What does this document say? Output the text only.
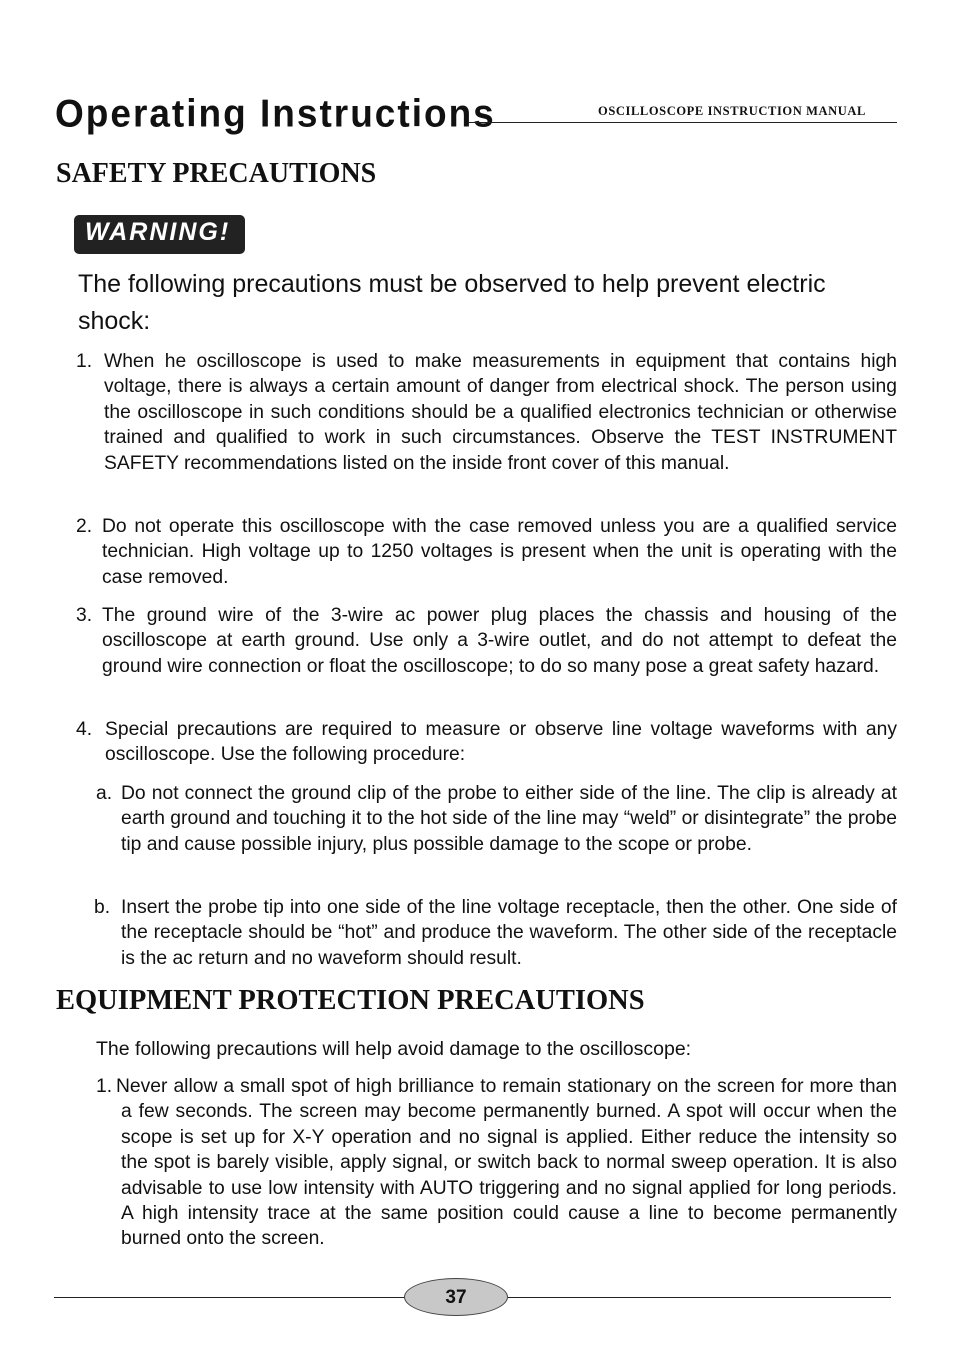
Operating Instructions	OSCILLOSCOPE INSTRUCTION MANUAL
SAFETY PRECAUTIONS
WARNING!

The following precautions must be observed to help prevent electric shock:

1. When he oscilloscope is used to make measurements in equipment that contains high voltage, there is always a certain amount of danger from electrical shock. The person using the oscilloscope in such conditions should be a qualified electronics technician or otherwise trained and qualified to work in such circumstances. Observe the TEST INSTRUMENT SAFETY recommendations listed on the inside front cover of this manual.
2. Do not operate this oscilloscope with the case removed unless you are a qualified service technician. High voltage up to 1250 voltages is present when the unit is operating with the case removed.
3. The ground wire of the 3-wire ac power plug places the chassis and housing of the oscilloscope at earth ground. Use only a 3-wire outlet, and do not attempt to defeat the ground wire connection or float the oscilloscope; to do so many pose a great safety hazard.
4. Special precautions are required to measure or observe line voltage waveforms with any oscilloscope. Use the following procedure:
a. Do not connect the ground clip of the probe to either side of the line. The clip is already at earth ground and touching it to the hot side of the line may “weld” or disintegrate” the probe tip and cause possible injury, plus possible damage to the scope or probe.
b. Insert the probe tip into one side of the line voltage receptacle, then the other. One side of the receptacle should be “hot” and produce the waveform. The other side of the receptacle is the ac return and no waveform should result.
EQUIPMENT PROTECTION PRECAUTIONS

The following precautions will help avoid damage to the oscilloscope:

1. Never allow a small spot of high brilliance to remain stationary on the screen for more than a few seconds. The screen may become permanently burned. A spot will occur when the scope is set up for X-Y operation and no signal is applied. Either reduce the intensity so the spot is barely visible, apply signal, or switch back to normal sweep operation. It is also advisable to use low intensity with AUTO triggering and no signal applied for long periods. A high intensity trace at the same position could cause a line to become permanently burned onto the screen.
37
